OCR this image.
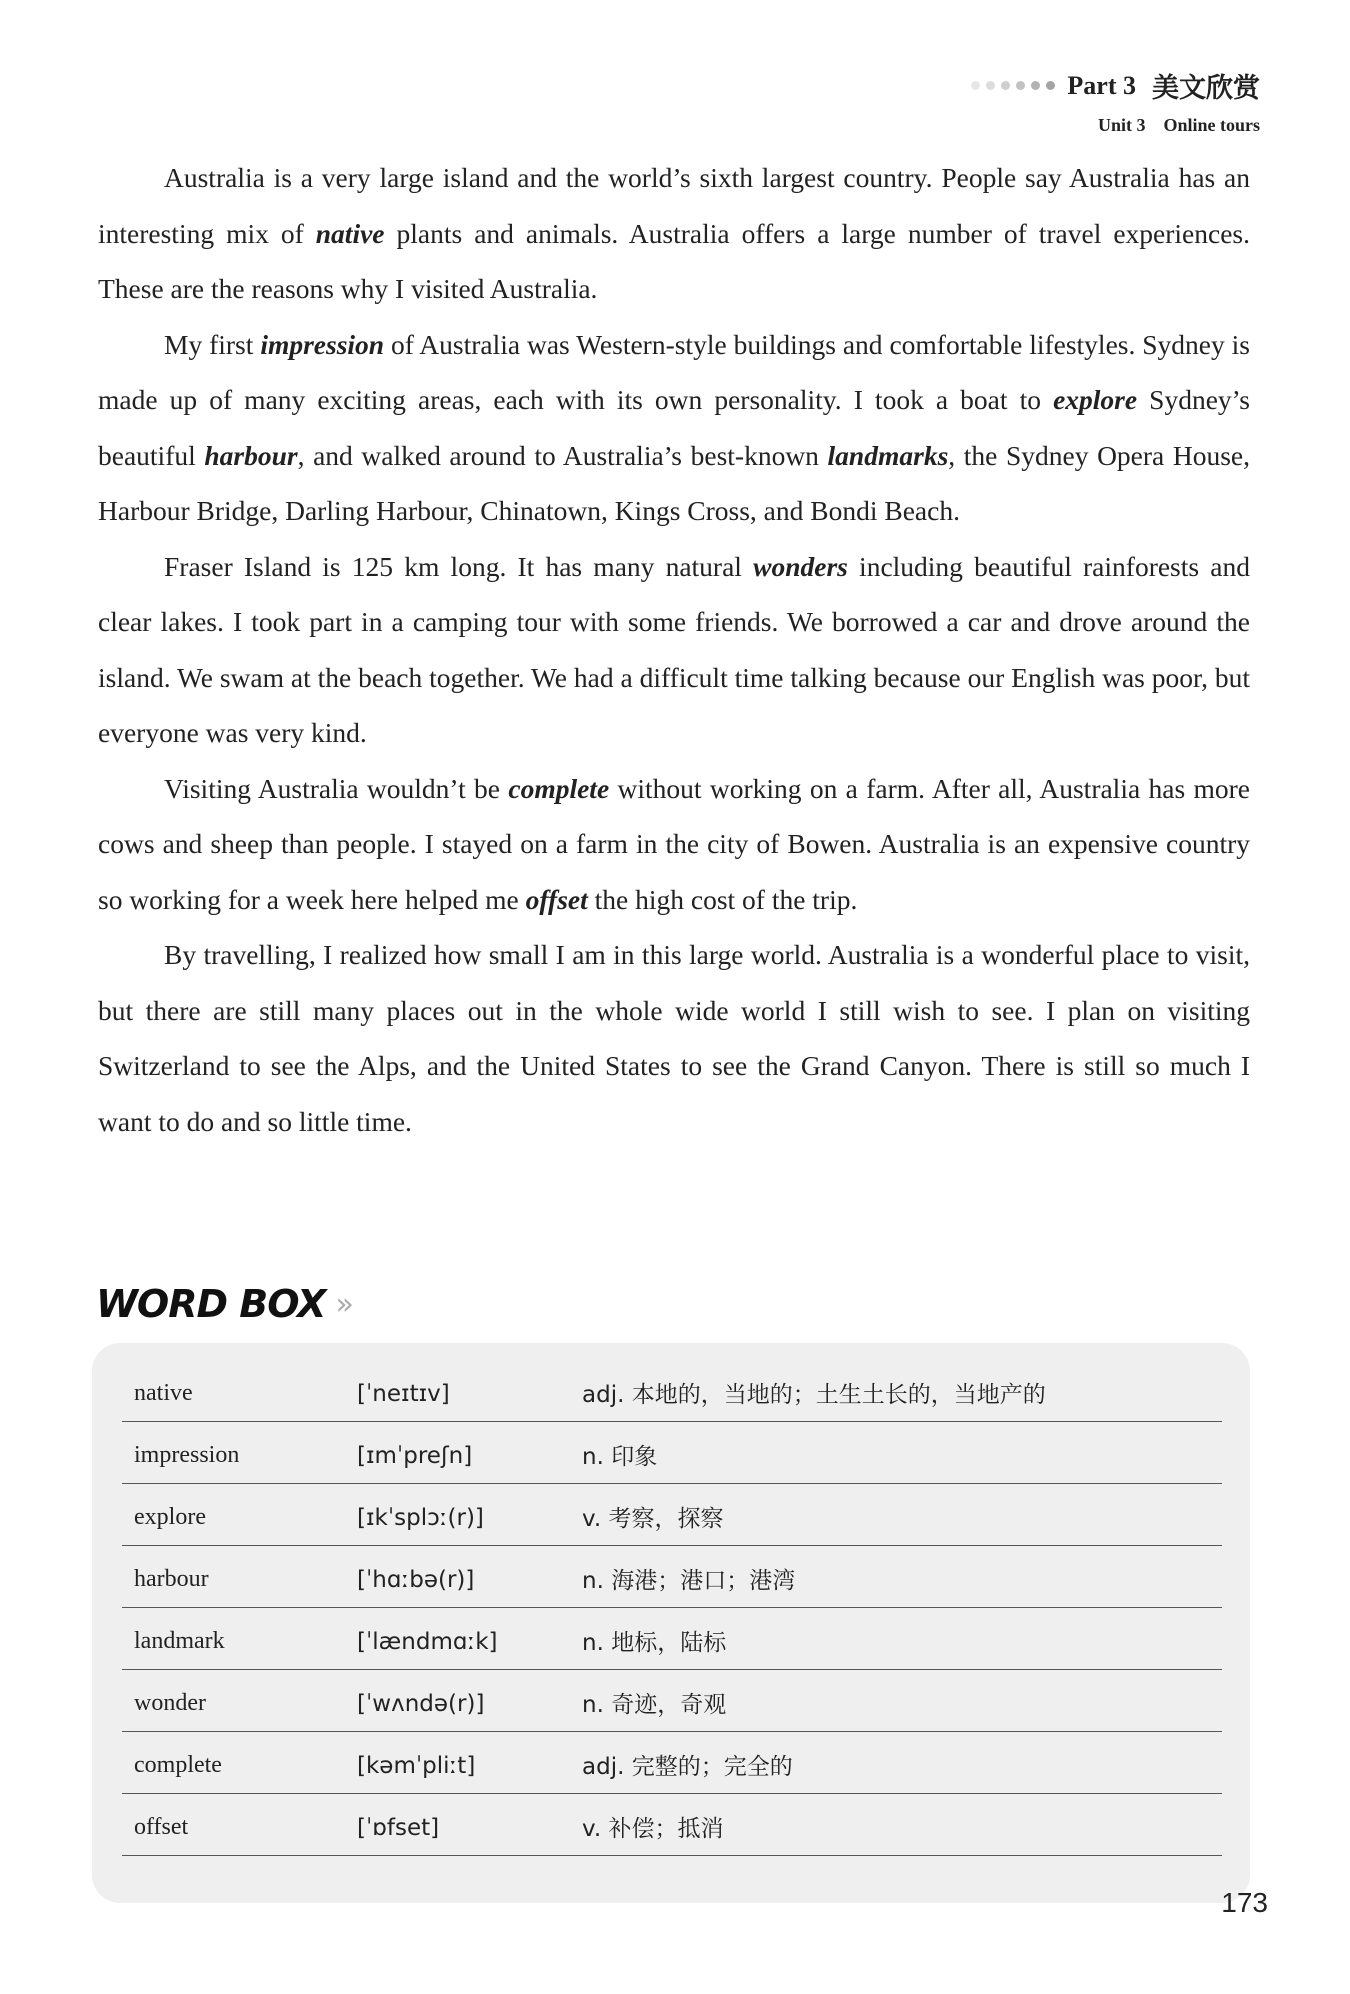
Part 3 美文欣赏
Unit 3 Online tours

Australia is a very large island and the world’s sixth largest country. People say Australia has an interesting mix of native plants and animals. Australia offers a large number of travel experiences. These are the reasons why I visited Australia.

My first impression of Australia was Western-style buildings and comfortable lifestyles. Sydney is made up of many exciting areas, each with its own personality. I took a boat to explore Sydney’s beautiful harbour, and walked around to Australia’s best-known landmarks, the Sydney Opera House, Harbour Bridge, Darling Harbour, Chinatown, Kings Cross, and Bondi Beach.

Fraser Island is 125 km long. It has many natural wonders including beautiful rainforests and clear lakes. I took part in a camping tour with some friends. We borrowed a car and drove around the island. We swam at the beach together. We had a difficult time talking because our English was poor, but everyone was very kind.

Visiting Australia wouldn’t be complete without working on a farm. After all, Australia has more cows and sheep than people. I stayed on a farm in the city of Bowen. Australia is an expensive country so working for a week here helped me offset the high cost of the trip.

By travelling, I realized how small I am in this large world. Australia is a wonderful place to visit, but there are still many places out in the whole wide world I still wish to see. I plan on visiting Switzerland to see the Alps, and the United States to see the Grand Canyon. There is still so much I want to do and so little time.

WORD BOX »
native	[ˈneɪtɪv]	adj. 本地的，当地的；土生土长的，当地产的
impression	[ɪmˈpreʃn]	n. 印象
explore	[ɪkˈsplɔː(r)]	v. 考察，探察
harbour	[ˈhɑːbə(r)]	n. 海港；港口；港湾
landmark	[ˈlændmɑːk]	n. 地标，陆标
wonder	[ˈwʌndə(r)]	n. 奇迹，奇观
complete	[kəmˈpliːt]	adj. 完整的；完全的
offset	[ˈɒfset]	v. 补偿；抵消
173
